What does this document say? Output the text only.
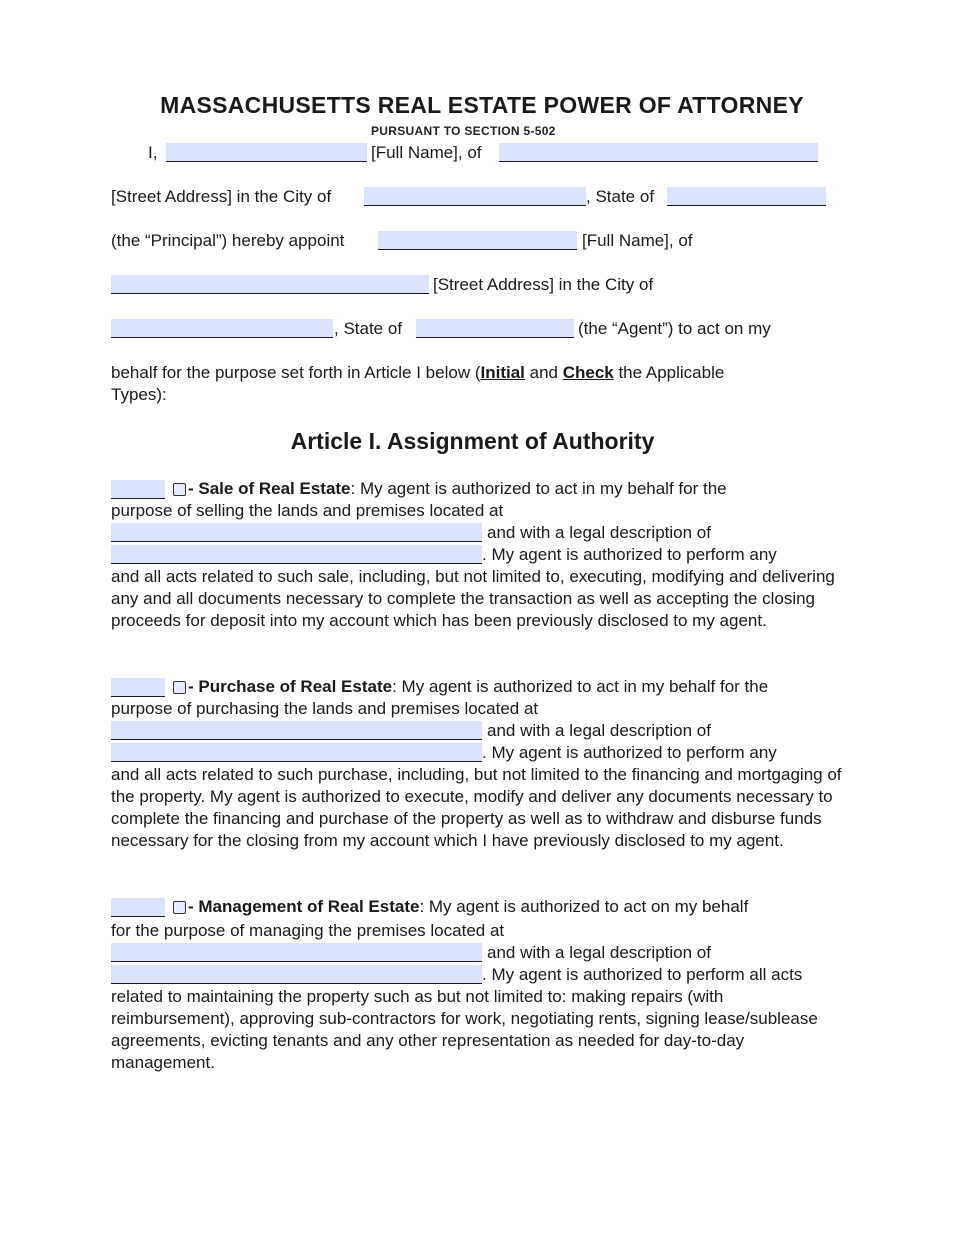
MASSACHUSETTS REAL ESTATE POWER OF ATTORNEY
PURSUANT TO SECTION 5-502
I,	[Full Name], of
[Street Address] in the City of	, State of
(the “Principal”) hereby appoint	[Full Name], of
[Street Address] in the City of
, State of	(the “Agent”) to act on my
behalf for the purpose set forth in Article I below (Initial and Check the Applicable
Types):
Article I. Assignment of Authority
- Sale of Real Estate: My agent is authorized to act in my behalf for the
purpose of selling the lands and premises located at
and with a legal description of
. My agent is authorized to perform any
and all acts related to such sale, including, but not limited to, executing, modifying and delivering any and all documents necessary to complete the transaction as well as accepting the closing proceeds for deposit into my account which has been previously disclosed to my agent.
- Purchase of Real Estate: My agent is authorized to act in my behalf for the
purpose of purchasing the lands and premises located at
and with a legal description of
. My agent is authorized to perform any
and all acts related to such purchase, including, but not limited to the financing and mortgaging of the property. My agent is authorized to execute, modify and deliver any documents necessary to complete the financing and purchase of the property as well as to withdraw and disburse funds necessary for the closing from my account which I have previously disclosed to my agent.
- Management of Real Estate: My agent is authorized to act on my behalf
for the purpose of managing the premises located at
and with a legal description of
. My agent is authorized to perform all acts
related to maintaining the property such as but not limited to: making repairs (with reimbursement), approving sub-contractors for work, negotiating rents, signing lease/sublease agreements, evicting tenants and any other representation as needed for day-to-day management.
